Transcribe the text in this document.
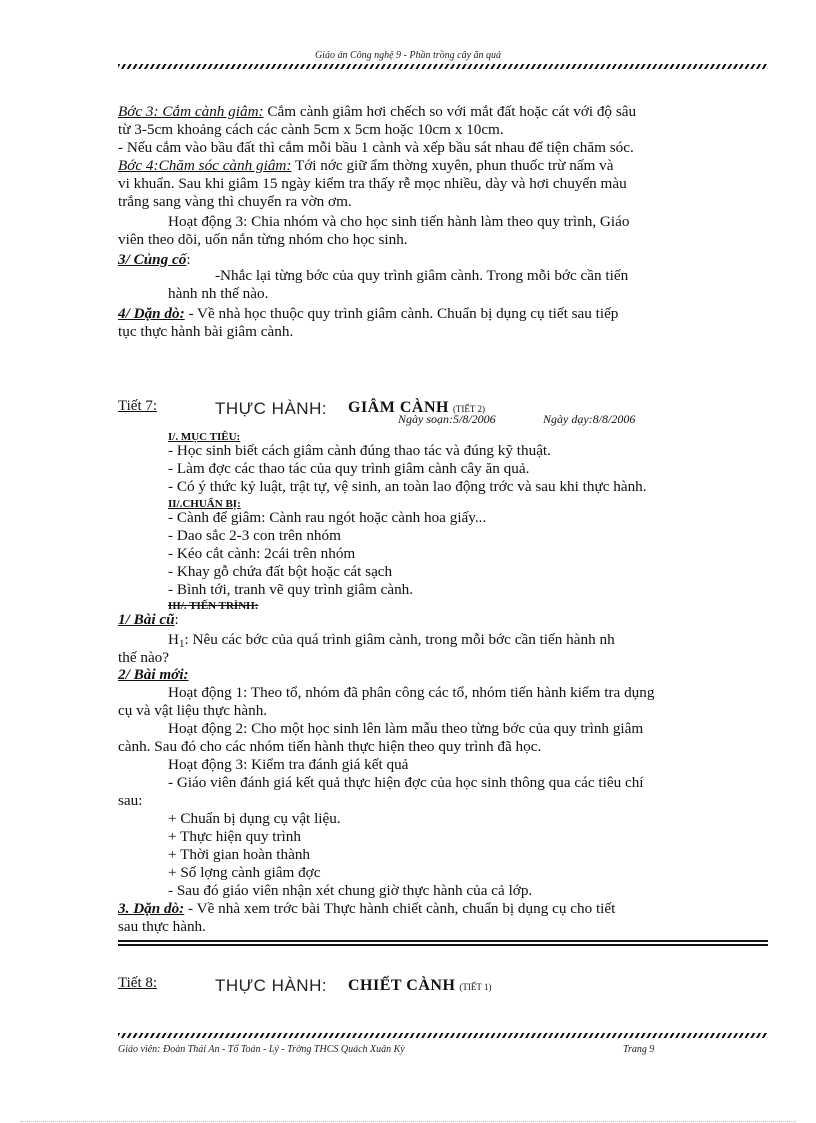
Giáo án Công nghệ 9 - Phần trồng cây ăn quả
Bớc 3: Cắm cành giâm: Cắm cành giâm hơi chếch so với mắt đất hoặc cát với độ sâu
từ 3-5cm khoảng cách các cành 5cm x 5cm hoặc 10cm x 10cm.
- Nếu cắm vào bầu đất thì cắm mỗi bầu 1 cành và xếp bầu sát nhau để tiện chăm sóc.
Bớc 4:Chăm sóc cành giâm: Tới nớc giữ ẩm thờng xuyên, phun thuốc trừ nấm và
vi khuẩn. Sau khi giâm 15 ngày kiểm tra thấy rễ mọc nhiều, dày và hơi chuyển màu
trắng sang vàng thì chuyển ra vờn ơm.
Hoạt động 3: Chia nhóm và cho học sinh tiến hành làm theo quy trình, Giáo
viên theo dõi, uốn nắn từng nhóm cho học sinh.
3/ Củng cố:
-Nhắc lại từng bớc của quy trình giâm cành. Trong mỗi bớc cần tiến
hành nh thế nào.
4/ Dặn dò: - Về nhà học thuộc quy trình giâm cành. Chuẩn bị dụng cụ tiết sau tiếp
tục thực hành bài giâm cành.
Tiết 7:	THỰC HÀNH: GIÂM CÀNH (TIẾT 2)
Ngày soạn:5/8/2006	Ngày dạy:8/8/2006
I/. MỤC TIÊU:
- Học sinh biết cách giâm cành đúng thao tác và đúng kỹ thuật.
- Làm đợc các thao tác của quy trình giâm cành cây ăn quả.
- Có ý thức kỷ luật, trật tự, vệ sinh, an toàn lao động trớc và sau khi thực hành.
II/.CHUẨN BỊ:
- Cành để giâm: Cành rau ngót hoặc cành hoa giấy...
- Dao sắc 2-3 con trên nhóm
- Kéo cắt cành: 2cái trên nhóm
- Khay gỗ chứa đất bột hoặc cát sạch
- Bình tới, tranh vẽ quy trình giâm cành.
III/. TIẾN TRÌNH:
1/ Bài cũ:
$H_1$: Nêu các bớc của quá trình giâm cành, trong mỗi bớc cần tiến hành nh
thế nào?
2/ Bài mới:
Hoạt động 1: Theo tổ, nhóm đã phân công các tổ, nhóm tiến hành kiểm tra dụng
cụ và vật liệu thực hành.
Hoạt động 2: Cho một học sinh lên làm mẫu theo từng bớc của quy trình giâm
cành. Sau đó cho các nhóm tiến hành thực hiện theo quy trình đã học.
Hoạt động 3: Kiểm tra đánh giá kết quả
- Giáo viên đánh giá kết quả thực hiện đợc của học sinh thông qua các tiêu chí
sau:
+ Chuẩn bị dụng cụ vật liệu.
+ Thực hiện quy trình
+ Thời gian hoàn thành
+ Số lợng cành giâm đợc
- Sau đó giáo viên nhận xét chung giờ thực hành của cả lớp.
3. Dặn dò: - Về nhà xem trớc bài Thực hành chiết cành, chuẩn bị dụng cụ cho tiết
sau thực hành.
Tiết 8:	THỰC HÀNH: CHIẾT CÀNH (TIẾT 1)
Giáo viên: Đoàn Thái An - Tổ Toán - Lý - Trờng THCS Quách Xuân Kỳ	Trang 9
